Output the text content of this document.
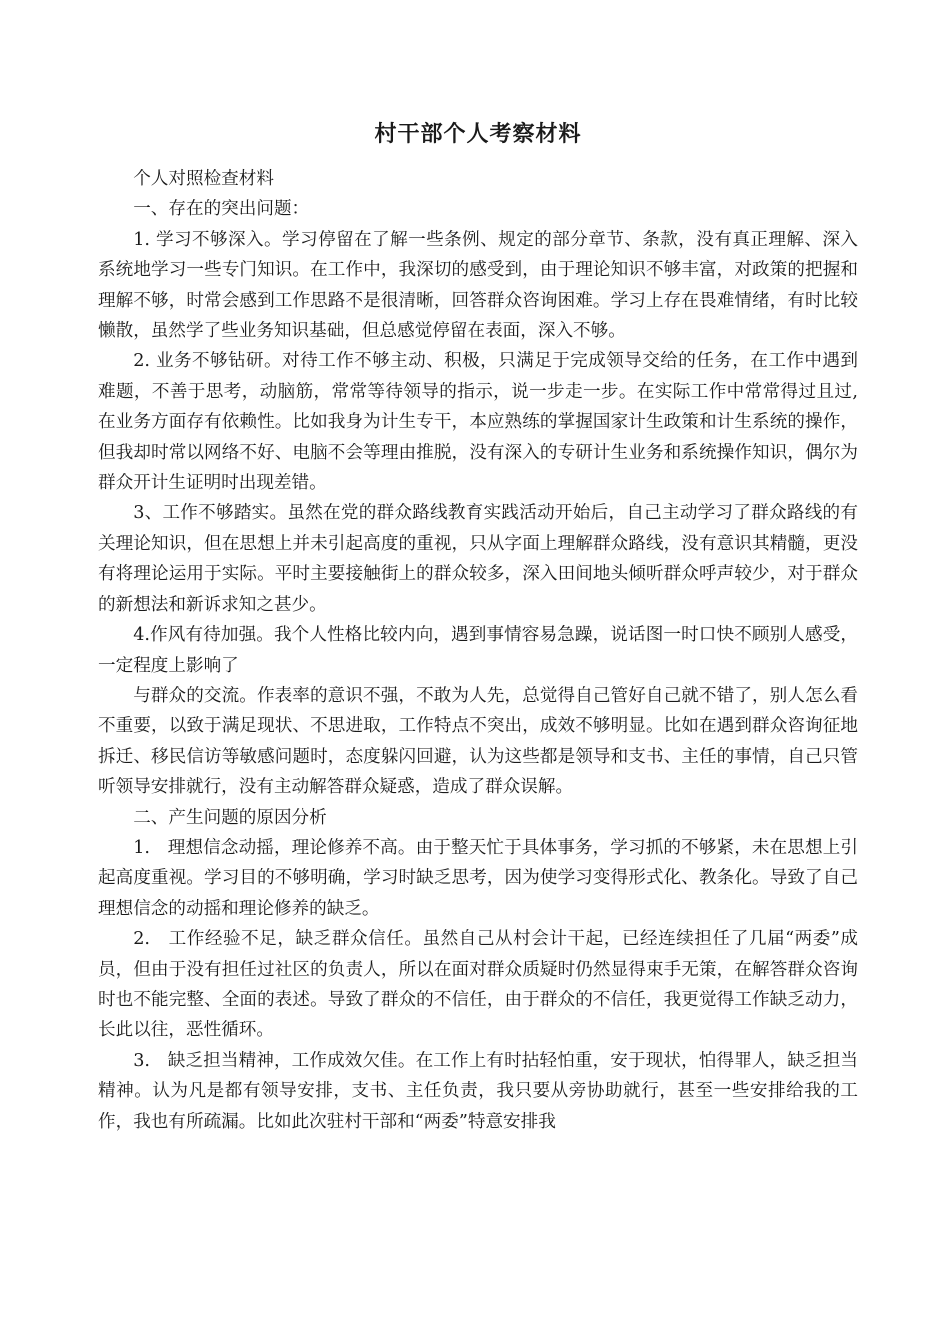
村干部个人考察材料

个人对照检查材料

一、存在的突出问题：

1. 学习不够深入。学习停留在了解一些条例、规定的部分章节、条款，没有真正理解、深入系统地学习一些专门知识。在工作中，我深切的感受到，由于理论知识不够丰富，对政策的把握和理解不够，时常会感到工作思路不是很清晰，回答群众咨询困难。学习上存在畏难情绪，有时比较懒散，虽然学了些业务知识基础，但总感觉停留在表面，深入不够。

2. 业务不够钻研。对待工作不够主动、积极，只满足于完成领导交给的任务，在工作中遇到难题，不善于思考，动脑筋，常常等待领导的指示，说一步走一步。在实际工作中常常得过且过,在业务方面存有依赖性。比如我身为计生专干，本应熟练的掌握国家计生政策和计生系统的操作，但我却时常以网络不好、电脑不会等理由推脱，没有深入的专研计生业务和系统操作知识，偶尔为群众开计生证明时出现差错。

3、工作不够踏实。虽然在党的群众路线教育实践活动开始后，自己主动学习了群众路线的有关理论知识，但在思想上并未引起高度的重视，只从字面上理解群众路线，没有意识其精髓，更没有将理论运用于实际。平时主要接触街上的群众较多，深入田间地头倾听群众呼声较少，对于群众的新想法和新诉求知之甚少。

4.作风有待加强。我个人性格比较内向，遇到事情容易急躁，说话图一时口快不顾别人感受，一定程度上影响了

与群众的交流。作表率的意识不强，不敢为人先，总觉得自己管好自己就不错了，别人怎么看不重要，以致于满足现状、不思进取，工作特点不突出，成效不够明显。比如在遇到群众咨询征地拆迁、移民信访等敏感问题时，态度躲闪回避，认为这些都是领导和支书、主任的事情，自己只管听领导安排就行，没有主动解答群众疑惑，造成了群众误解。

二、产生问题的原因分析

1.　理想信念动摇，理论修养不高。由于整天忙于具体事务，学习抓的不够紧，未在思想上引起高度重视。学习目的不够明确，学习时缺乏思考，因为使学习变得形式化、教条化。导致了自己理想信念的动摇和理论修养的缺乏。

2.　工作经验不足，缺乏群众信任。虽然自己从村会计干起，已经连续担任了几届“两委”成员，但由于没有担任过社区的负责人，所以在面对群众质疑时仍然显得束手无策，在解答群众咨询时也不能完整、全面的表述。导致了群众的不信任，由于群众的不信任，我更觉得工作缺乏动力，长此以往，恶性循环。

3.　缺乏担当精神，工作成效欠佳。在工作上有时拈轻怕重，安于现状，怕得罪人，缺乏担当精神。认为凡是都有领导安排，支书、主任负责，我只要从旁协助就行，甚至一些安排给我的工作，我也有所疏漏。比如此次驻村干部和“两委”特意安排我
